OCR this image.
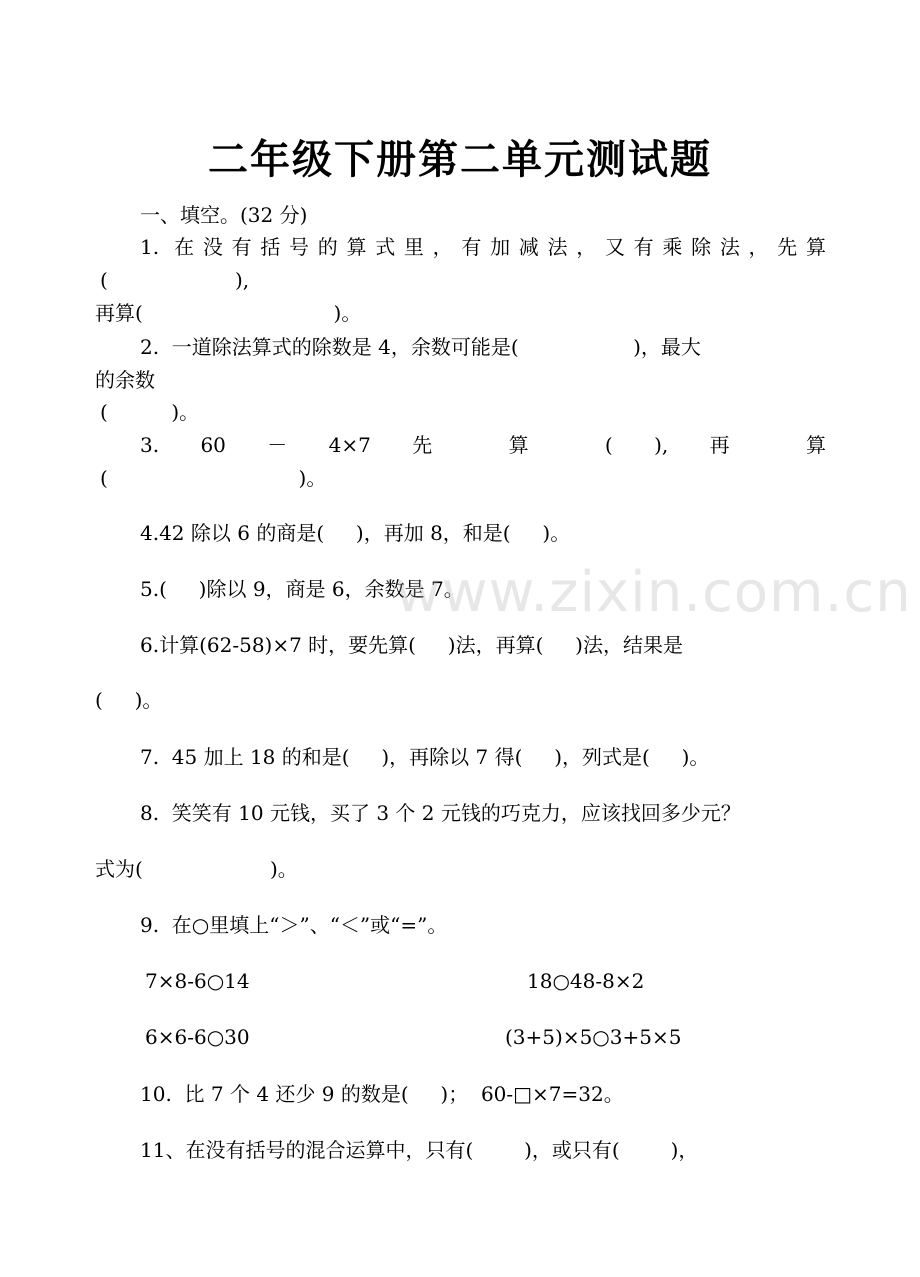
二年级下册第二单元测试题
一、填空。(32 分)
1. 在没有括号的算式里，有加减法，又有乘除法，先算
(                    ),
再算(                              )。
2.  一道除法算式的除数是 4，余数可能是(                  )，最大
的余数
(          )。
3. 60 － 4×7 先 算 ( ), 再 算
(                              )。
4.42 除以 6 的商是(     )，再加 8，和是(     )。
5.(     )除以 9，商是 6，余数是 7。
www.zixin.com.cn
6.计算(62-58)×7 时，要先算(     )法，再算(     )法，结果是
(     )。
7.  45 加上 18 的和是(     )，再除以 7 得(     )，列式是(     )。
8.  笑笑有 10 元钱，买了 3 个 2 元钱的巧克力，应该找回多少元？
式为(                    )。
9.  在○里填上“＞”、“＜”或“=”。
7×8-6○14	18○48-8×2
6×6-6○30	(3+5)×5○3+5×5
10.  比 7 个 4 还少 9 的数是(     )；  60-□×7=32。
11、在没有括号的混合运算中，只有(        )，或只有(        )，
